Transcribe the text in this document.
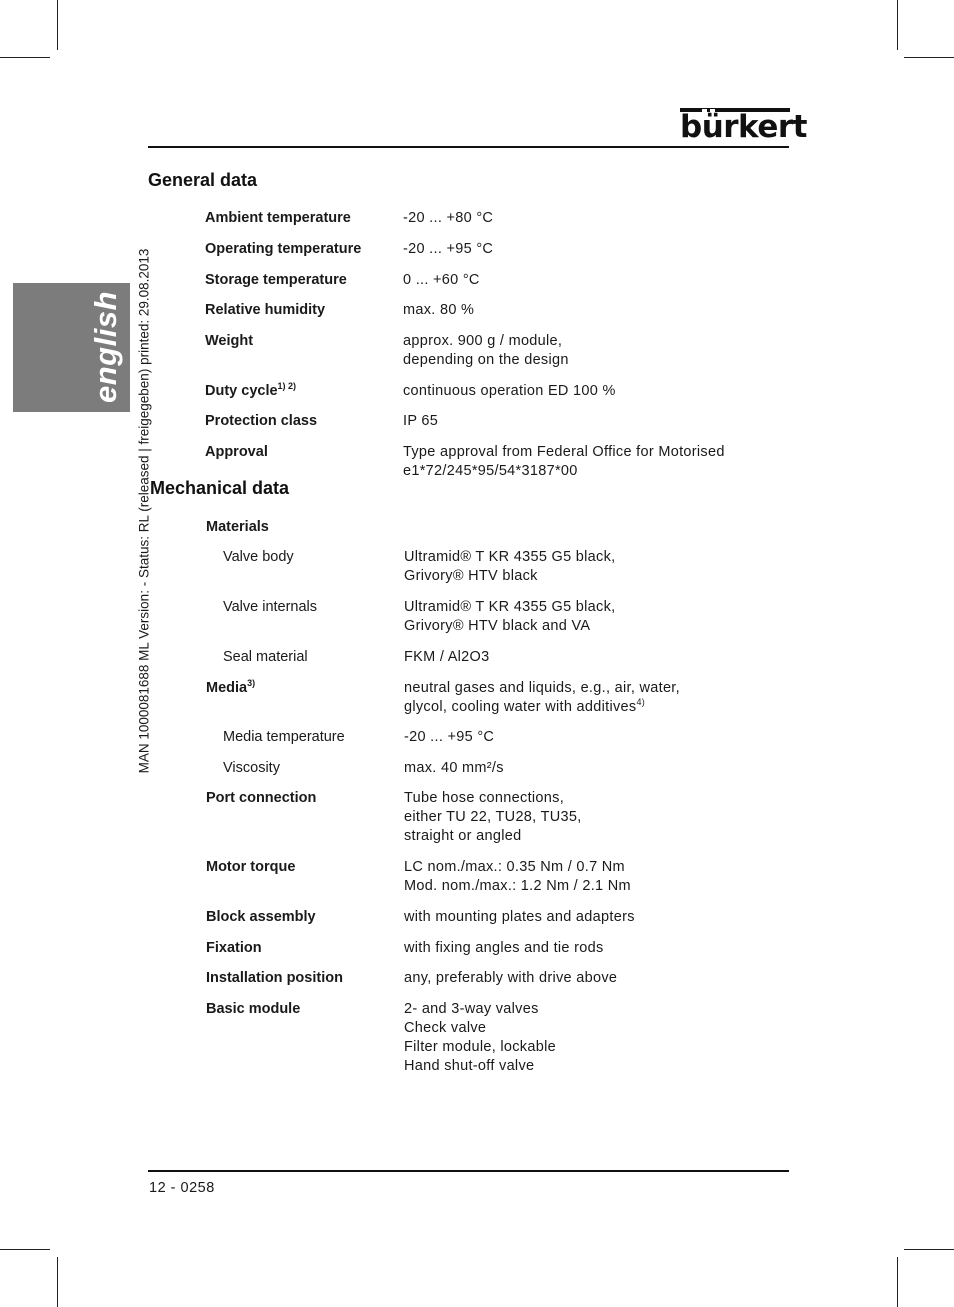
bürkert
english MAN 1000081688 ML Version: - Status: RL (released | freigegeben) printed: 29.08.2013
General data
Ambient temperature	-20 ... +80 °C
Operating temperature	-20 ... +95 °C
Storage temperature	0 ... +60 °C
Relative humidity	max. 80 %
Weight	approx. 900 g / module,
depending on the design
Duty cycle$^{1) 2)}$	continuous operation ED 100 %
Protection class	IP 65
Approval	Type approval from Federal Office for Motorised
e1*72/245*95/54*3187*00
Mechanical data
Materials
Valve body	Ultramid® T KR 4355 G5 black,
Grivory® HTV black
Valve internals	Ultramid® T KR 4355 G5 black,
Grivory® HTV black and VA
Seal material	FKM / Al2O3
Media$^{3)}$	neutral gases and liquids, e.g., air, water,
glycol, cooling water with additives$^{4)}$
Media temperature	-20 ... +95 °C
Viscosity	max. 40 mm²/s
Port connection	Tube hose connections,
either TU 22, TU28, TU35,
straight or angled
Motor torque	LC nom./max.: 0.35 Nm / 0.7 Nm
Mod. nom./max.: 1.2 Nm / 2.1 Nm
Block assembly	with mounting plates and adapters
Fixation	with fixing angles and tie rods
Installation position	any, preferably with drive above
Basic module	2- and 3-way valves
Check valve
Filter module, lockable
Hand shut-off valve
12 - 0258
